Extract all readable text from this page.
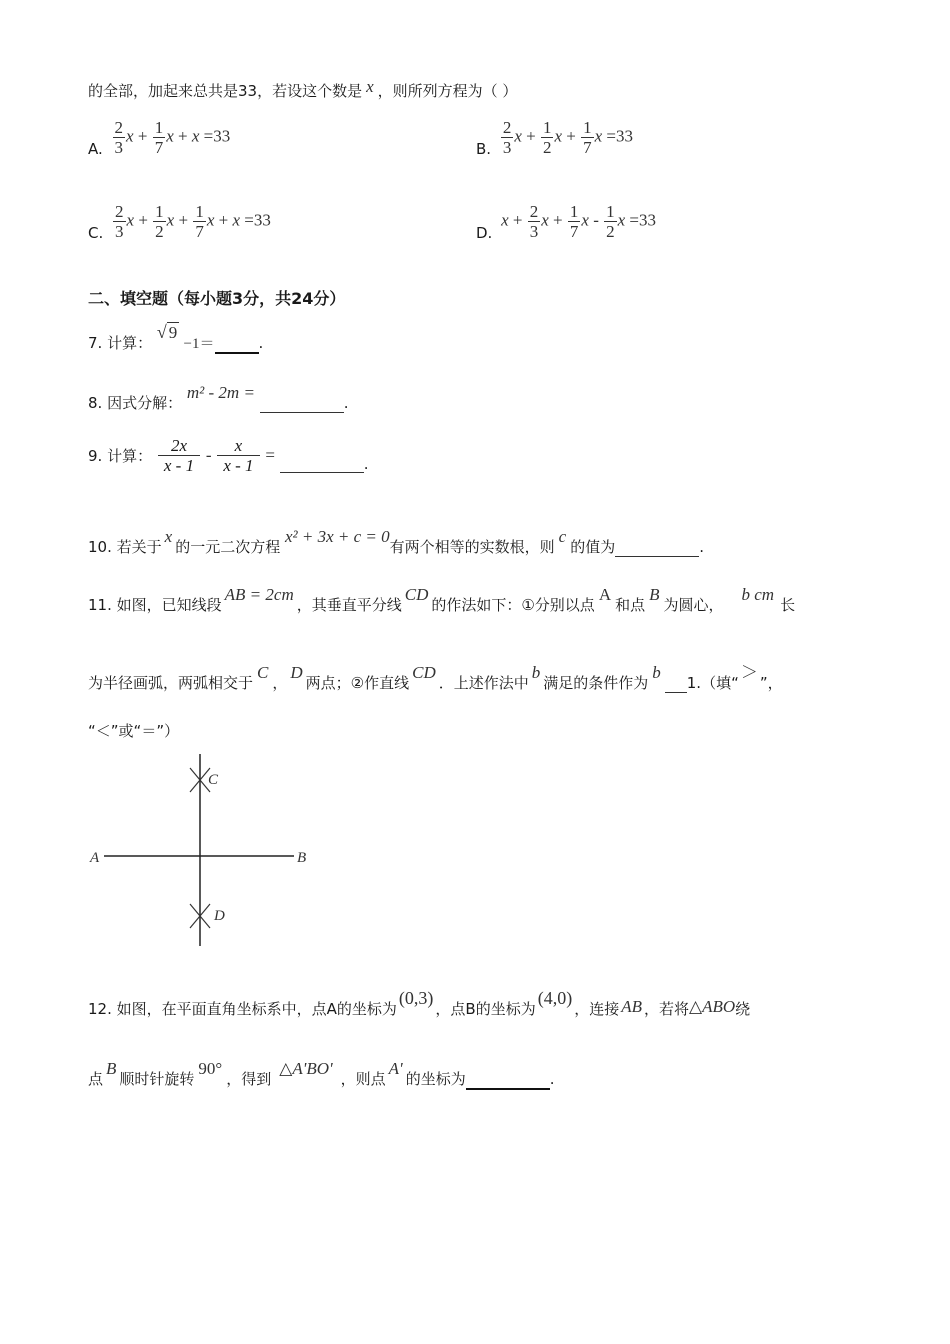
的全部，加起来总共是33，若设这个数是 x ，则所列方程为（ ）
A. $\frac{2}{3}$ $x + \frac{1}{7}$ x + x =33
B. $\frac{2}{3}$ $x + \frac{1}{2}$ $x + \frac{1}{7}$ x =33
C. $\frac{2}{3}$ $x + \frac{1}{2}$ $x + \frac{1}{7}$ x + x =33
D. $x + \frac{2}{3}$ $x + \frac{1}{7}$ x - $\frac{1}{2}$ x =33
二、填空题（每小题3分，共24分）
7. 计算： √ 9 −1＝	.
8. 因式分解： m² - 2m =  .
9. 计算： $\frac{2x}{x - 1} - \frac{x}{x - 1}$ =	.
10. 若关于x的一元二次方程 x² + 3x + c = 0有两个相等的实数根，则c的值为	.
11. 如图，已知线段AB = 2cm，其垂直平分线CD的作法如下：①分别以点A和点B为圆心，b cm长
为半径画弧，两弧相交于C，D两点；②作直线CD．上述作法中b满足的条件作为b 1.（填“＞”，
“＜”或“＝”）
A	B
C
D
12. 如图，在平面直角坐标系中，点A的坐标为(0,3)，点B的坐标为(4,0)，连接 AB ，若将△ABO绕
点B顺时针旋转90°，得到△A'BO'，则点A'的坐标为	.
